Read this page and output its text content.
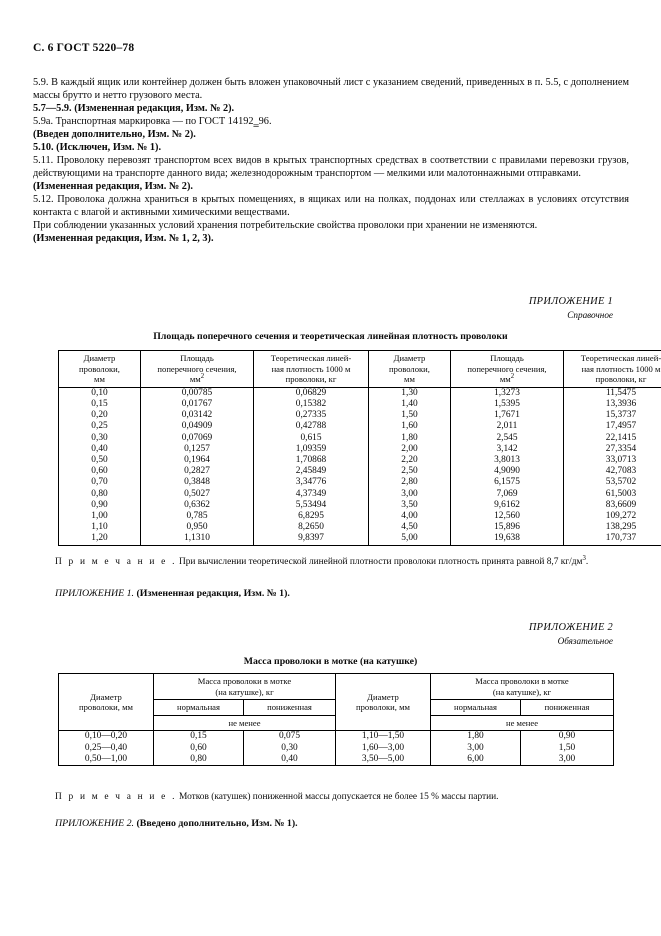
С. 6 ГОСТ 5220–78

5.9. В каждый ящик или контейнер должен быть вложен упаковочный лист с указанием сведений, приведенных в п. 5.5, с дополнением массы брутто и нетто грузового места.

5.7—5.9. (Измененная редакция, Изм. № 2).

5.9а. Транспортная маркировка — по ГОСТ 14192‗96.

(Введен дополнительно, Изм. № 2).

5.10. (Исключен, Изм. № 1).

5.11. Проволоку перевозят транспортом всех видов в крытых транспортных средствах в соответствии с правилами перевозки грузов, действующими на транспорте данного вида; железнодорожным транспортом — мелкими или малотоннажными отправками.

(Измененная редакция, Изм. № 2).

5.12. Проволока должна храниться в крытых помещениях, в ящиках или на полках, поддонах или стеллажах в условиях отсутствия контакта с влагой и активными химическими веществами.

При соблюдении указанных условий хранения потребительские свойства проволоки при хранении не изменяются.

(Измененная редакция, Изм. № 1, 2, 3).

ПРИЛОЖЕНИЕ 1
Справочное
Площадь поперечного сечения и теоретическая линейная плотность проволоки
Диаметр
проволоки,
мм	Площадь
поперечного сечения,
$мм^2$	Теоретическая линей-
ная плотность 1000 м
проволоки, кг	Диаметр
проволоки,
мм	Площадь
поперечного сечения,
$мм^2$	Теоретическая линей-
ная плотность 1000 м
проволоки, кг
0,10	0,00785	0,06829	1,30	1,3273	11,5475
0,15	0,01767	0,15382	1,40	1,5395	13,3936
0,20	0,03142	0,27335	1,50	1,7671	15,3737
0,25	0,04909	0,42788	1,60	2,011	17,4957
0,30	0,07069	0,615	1,80	2,545	22,1415
0,40	0,1257	1,09359	2,00	3,142	27,3354
0,50	0,1964	1,70868	2,20	3,8013	33,0713
0,60	0,2827	2,45849	2,50	4,9090	42,7083
0,70	0,3848	3,34776	2,80	6,1575	53,5702
0,80	0,5027	4,37349	3,00	7,069	61,5003
0,90	0,6362	5,53494	3,50	9,6162	83,6609
1,00	0,785	6,8295	4,00	12,560	109,272
1,10	0,950	8,2650	4,50	15,896	138,295
1,20	1,1310	9,8397	5,00	19,638	170,737

П р и м е ч а н и е . При вычислении теоретической линейной плотности проволоки плотность принята равной 8,7 $кг/дм^3$.

ПРИЛОЖЕНИЕ 1. (Измененная редакция, Изм. № 1).
ПРИЛОЖЕНИЕ 2
Обязательное
Масса проволоки в мотке (на катушке)
Диаметр
проволоки, мм	Масса проволоки в мотке
(на катушке), кг		Диаметр
проволоки, мм	Масса проволоки в мотке
(на катушке), кг	
	нормальная	пониженная		нормальная	пониженная
	не менее			не менее	
0,10—0,20	0,15	0,075	1,10—1,50	1,80	0,90
0,25—0,40	0,60	0,30	1,60—3,00	3,00	1,50
0,50—1,00	0,80	0,40	3,50—5,00	6,00	3,00

П р и м е ч а н и е . Мотков (катушек) пониженной массы допускается не более 15 % массы партии.

ПРИЛОЖЕНИЕ 2. (Введено дополнительно, Изм. № 1).
